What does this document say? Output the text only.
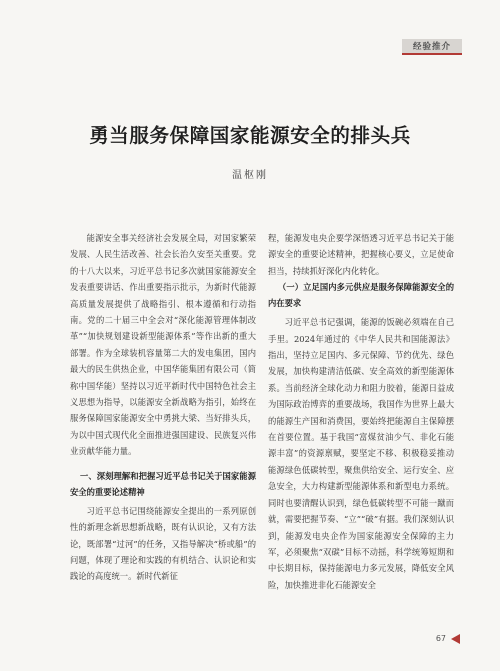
经验推介
勇当服务保障国家能源安全的排头兵
温枢刚

能源安全事关经济社会发展全局，对国家繁荣发展、人民生活改善、社会长治久安至关重要。党的十八大以来，习近平总书记多次就国家能源安全发表重要讲话、作出重要指示批示，为新时代能源高质量发展提供了战略指引、根本遵循和行动指南。党的二十届三中全会对“深化能源管理体制改革”“加快规划建设新型能源体系”等作出新的重大部署。作为全球装机容量第二大的发电集团，国内最大的民生供热企业，中国华能集团有限公司（简称中国华能）坚持以习近平新时代中国特色社会主义思想为指导，以能源安全新战略为指引，始终在服务保障国家能源安全中勇挑大梁、当好排头兵，为以中国式现代化全面推进强国建设、民族复兴伟业贡献华能力量。

一、深刻理解和把握习近平总书记关于国家能源安全的重要论述精神

习近平总书记围绕能源安全提出的一系列原创性的新理念新思想新战略，既有认识论，又有方法论，既部署“过河”的任务，又指导解决“桥或船”的问题，体现了理论和实践的有机结合、认识论和实践论的高度统一。新时代新征

程，能源发电央企要学深悟透习近平总书记关于能源安全的重要论述精神，把握核心要义，立足使命担当，持续抓好深化内化转化。

（一）立足国内多元供应是服务保障能源安全的内在要求

习近平总书记强调，能源的饭碗必须端在自己手里。2024年通过的《中华人民共和国能源法》指出，坚持立足国内、多元保障、节约优先、绿色发展，加快构建清洁低碳、安全高效的新型能源体系。当前经济全球化动力和阻力胶着，能源日益成为国际政治博弈的重要战场，我国作为世界上最大的能源生产国和消费国，要始终把能源自主保障摆在首要位置。基于我国“富煤贫油少气、非化石能源丰富”的资源禀赋，要坚定不移、积极稳妥推动能源绿色低碳转型，聚焦供给安全、运行安全、应急安全，大力构建新型能源体系和新型电力系统。同时也要清醒认识到，绿色低碳转型不可能一蹴而就，需要把握节奏、“立”“破”有据。我们深刻认识到，能源发电央企作为国家能源安全保障的主力军，必须聚焦“双碳”目标不动摇，科学统筹短期和中长期目标，保持能源电力多元发展，降低安全风险，加快推进非化石能源安全

67
